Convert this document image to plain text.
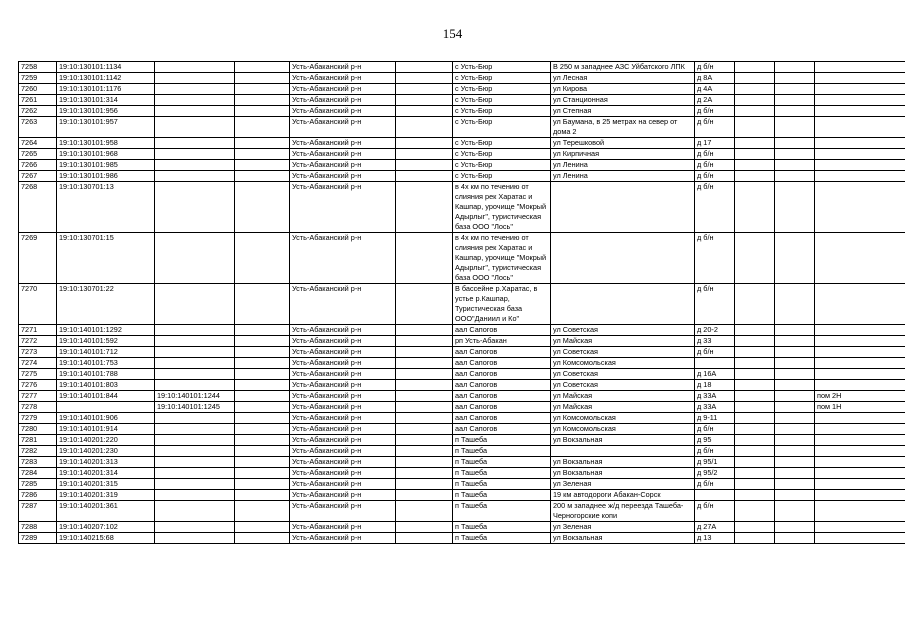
154
7258	19:10:130101:1134			Усть-Абаканский р-н		с Усть-Бюр	В 250 м западнее АЗС Уйбатского ЛПК	д б/н			
7259	19:10:130101:1142			Усть-Абаканский р-н		с Усть-Бюр	ул Лесная	д 8А			
7260	19:10:130101:1176			Усть-Абаканский р-н		с Усть-Бюр	ул Кирова	д 4А			
7261	19:10:130101:314			Усть-Абаканский р-н		с Усть-Бюр	ул Станционная	д 2А			
7262	19:10:130101:956			Усть-Абаканский р-н		с Усть-Бюр	ул Степная	д б/н			
7263	19:10:130101:957			Усть-Абаканский р-н		с Усть-Бюр	ул Баумана, в 25 метрах на север от дома 2	д б/н			
7264	19:10:130101:958			Усть-Абаканский р-н		с Усть-Бюр	ул Терешковой	д 17			
7265	19:10:130101:968			Усть-Абаканский р-н		с Усть-Бюр	ул Кирпичная	д б/н			
7266	19:10:130101:985			Усть-Абаканский р-н		с Усть-Бюр	ул Ленина	д б/н			
7267	19:10:130101:986			Усть-Абаканский р-н		с Усть-Бюр	ул Ленина	д б/н			
7268	19:10:130701:13			Усть-Абаканский р-н		в 4х км по течению от слияния рек Харатас и Кашпар, урочище "Мокрый Адырлыг", туристическая база ООО "Лось"		д б/н			
7269	19:10:130701:15			Усть-Абаканский р-н		в 4х км по течению от слияния рек Харатас и Кашпар, урочище "Мокрый Адырлыг", туристическая база ООО "Лось"		д б/н			
7270	19:10:130701:22			Усть-Абаканский р-н		В бассейне р.Харатас, в устье р.Кашпар, Туристическая база ООО"Даниил и Ко"		д б/н			
7271	19:10:140101:1292			Усть-Абаканский р-н		аал Сапогов	ул Советская	д 20-2			
7272	19:10:140101:592			Усть-Абаканский р-н		рп Усть-Абакан	ул Майская	д 33			
7273	19:10:140101:712			Усть-Абаканский р-н		аал Сапогов	ул Советская	д б/н			
7274	19:10:140101:753			Усть-Абаканский р-н		аал Сапогов	ул Комсомольская				
7275	19:10:140101:788			Усть-Абаканский р-н		аал Сапогов	ул Советская	д 16А			
7276	19:10:140101:803			Усть-Абаканский р-н		аал Сапогов	ул Советская	д 18			
7277	19:10:140101:844	19:10:140101:1244		Усть-Абаканский р-н		аал Сапогов	ул Майская	д 33А			пом 2Н
7278		19:10:140101:1245		Усть-Абаканский р-н		аал Сапогов	ул Майская	д 33А			пом 1Н
7279	19:10:140101:906			Усть-Абаканский р-н		аал Сапогов	ул Комсомольская	д 9-11			
7280	19:10:140101:914			Усть-Абаканский р-н		аал Сапогов	ул Комсомольская	д б/н			
7281	19:10:140201:220			Усть-Абаканский р-н		п Ташеба	ул Вокзальная	д 95			
7282	19:10:140201:230			Усть-Абаканский р-н		п Ташеба		д б/н			
7283	19:10:140201:313			Усть-Абаканский р-н		п Ташеба	ул Вокзальная	д 95/1			
7284	19:10:140201:314			Усть-Абаканский р-н		п Ташеба	ул Вокзальная	д 95/2			
7285	19:10:140201:315			Усть-Абаканский р-н		п Ташеба	ул Зеленая	д б/н			
7286	19:10:140201:319			Усть-Абаканский р-н		п Ташеба	19 км автодороги Абакан-Сорск				
7287	19:10:140201:361			Усть-Абаканский р-н		п Ташеба	200 м западнее ж/д переезда Ташеба-Черногорские копи	д б/н			
7288	19:10:140207:102			Усть-Абаканский р-н		п Ташеба	ул Зеленая	д 27А			
7289	19:10:140215:68			Усть-Абаканский р-н		п Ташеба	ул Вокзальная	д 13			
